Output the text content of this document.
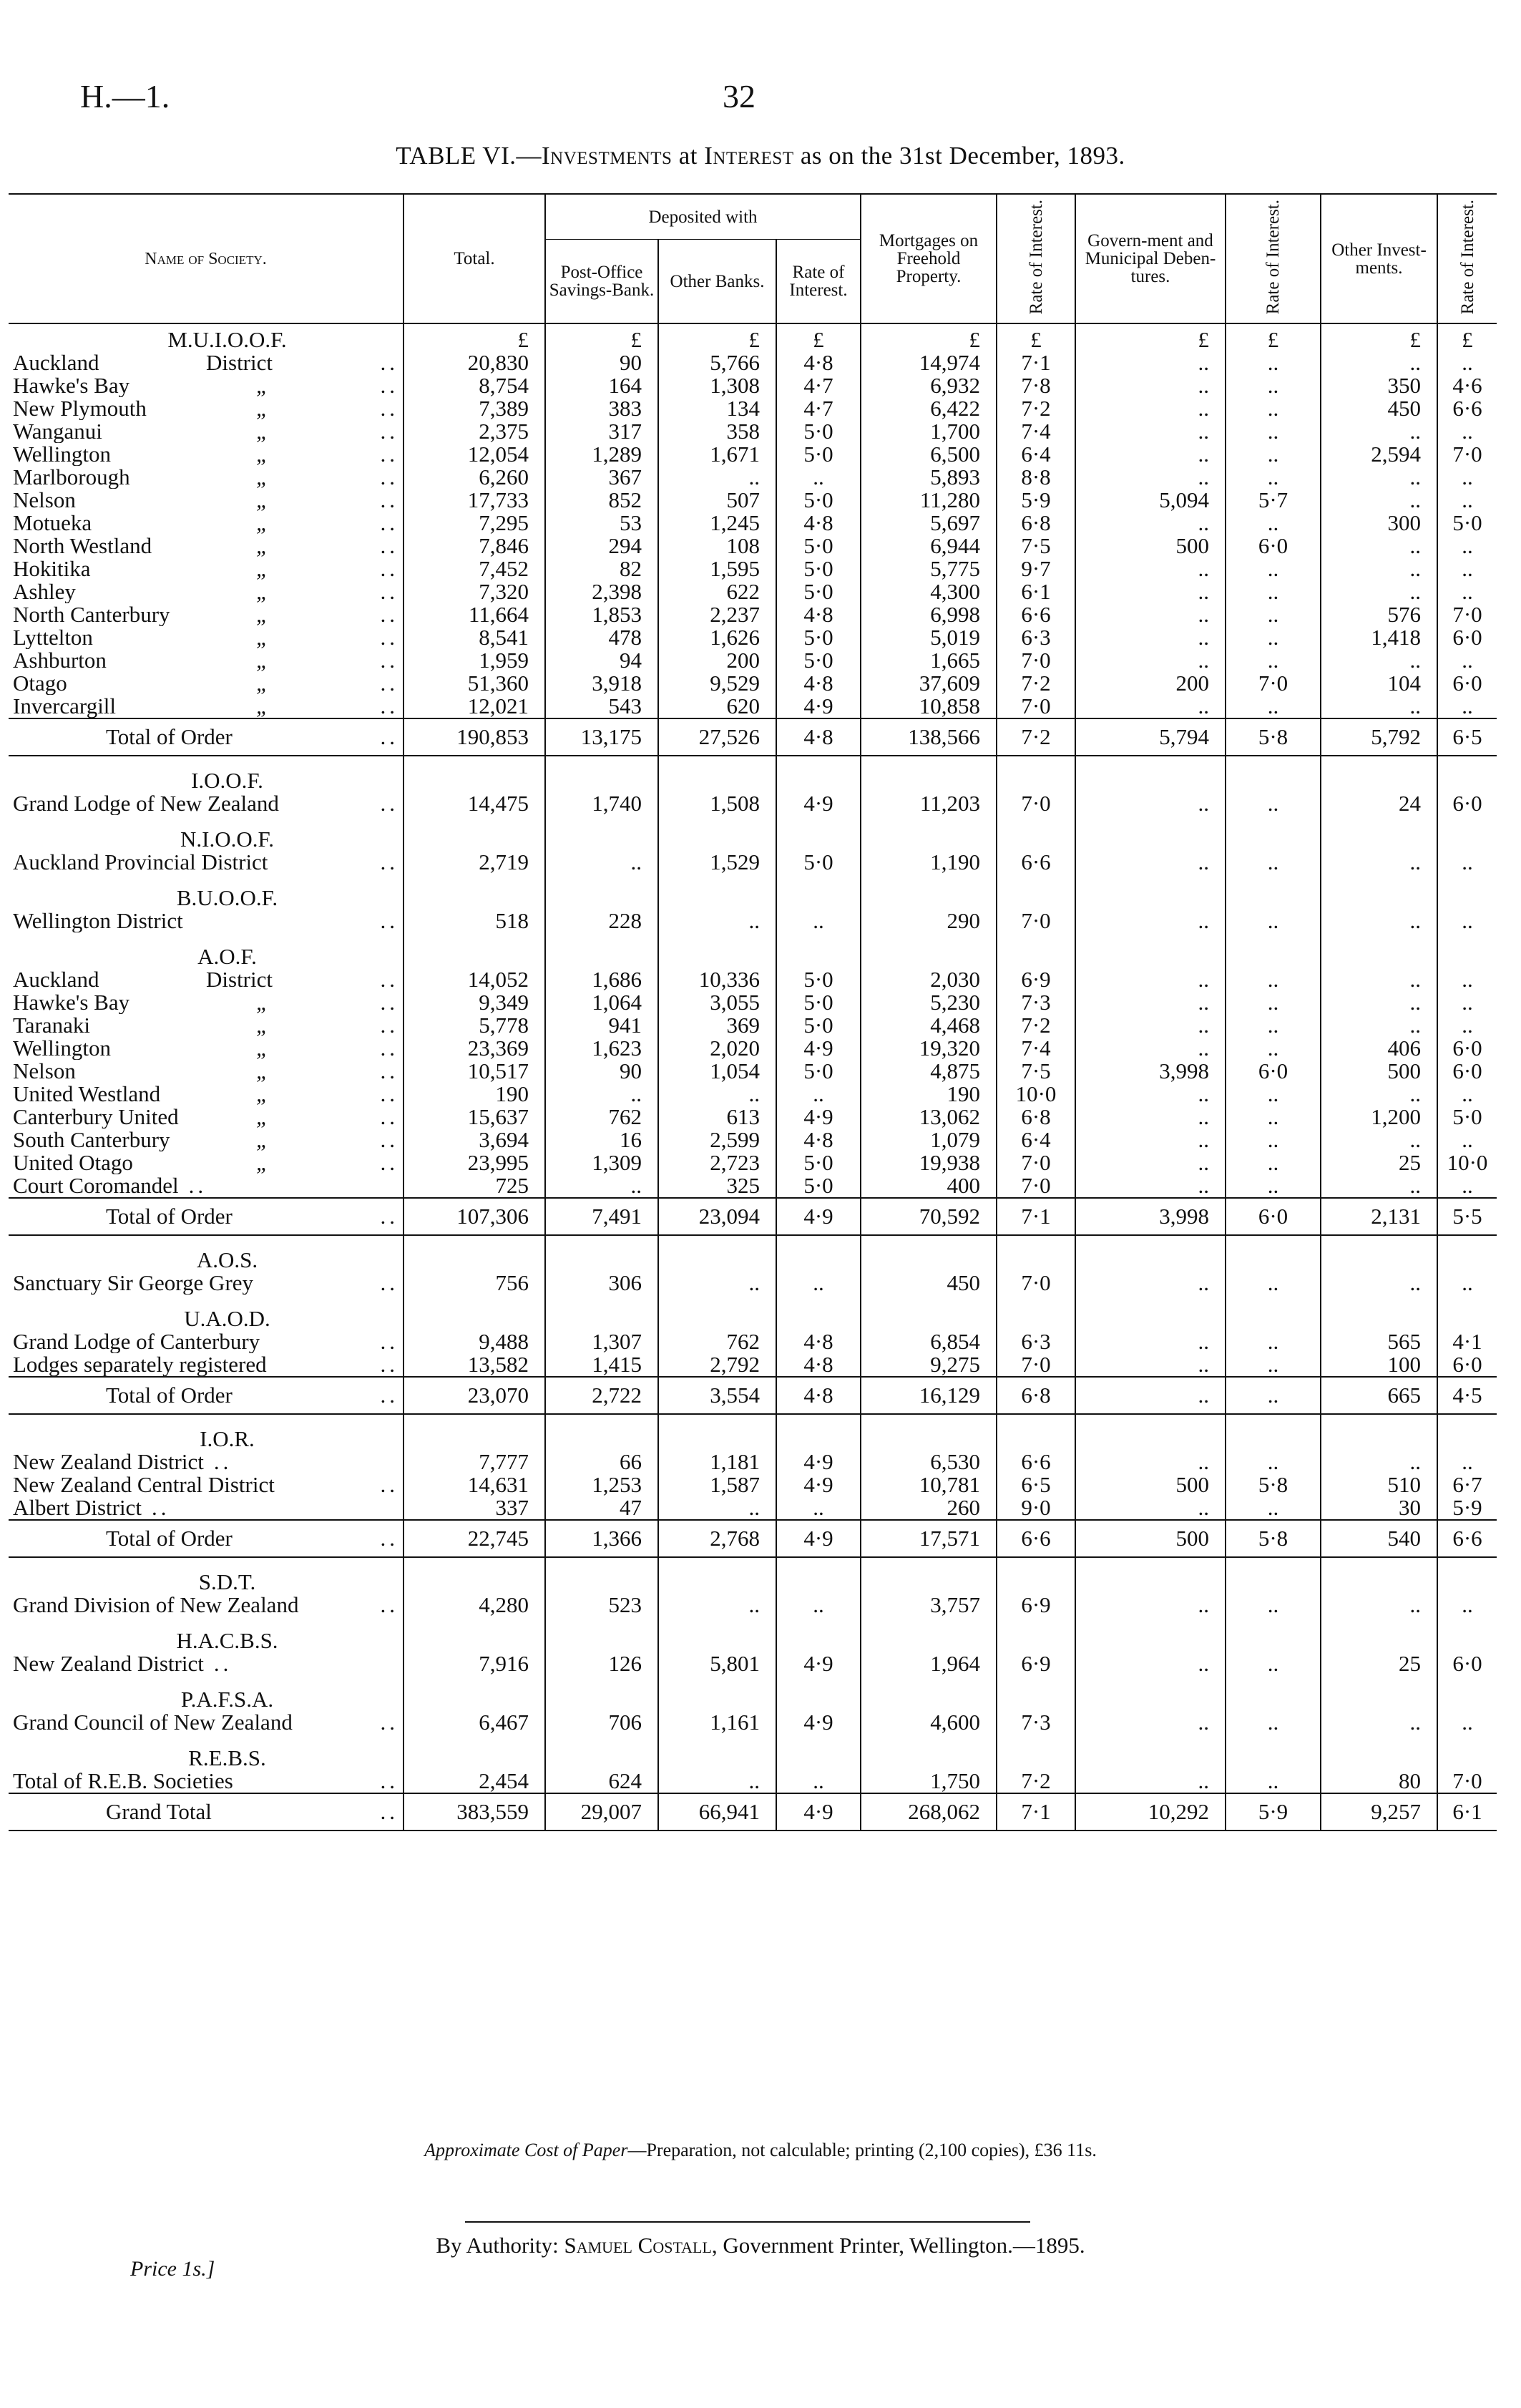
H.—1.	32
TABLE VI.—Investments at Interest as on the 31st December, 1893.
Name of Society.	Total.	Deposited with			Mortgages on Freehold Property.	Rate of Interest.	Govern-ment and Municipal Deben-tures.	Rate of Interest.	Other Invest-ments.	Rate of Interest.
		Post-Office Savings-Bank.	Other Banks.	Rate of Interest.						

M.U.I.O.O.F.	£	£	£	£	£	£	£	£	£	£
Auckland District ..	20,830	90	5,766	4·8	14,974	7·1	..	..	..	..
Hawke's Bay „ ..	8,754	164	1,308	4·7	6,932	7·8	..	..	350	4·6
New Plymouth „ ..	7,389	383	134	4·7	6,422	7·2	..	..	450	6·6
Wanganui „ ..	2,375	317	358	5·0	1,700	7·4	..	..	..	..
Wellington „ ..	12,054	1,289	1,671	5·0	6,500	6·4	..	..	2,594	7·0
Marlborough „ ..	6,260	367	..	..	5,893	8·8	..	..	..	..
Nelson „ ..	17,733	852	507	5·0	11,280	5·9	5,094	5·7	..	..
Motueka „ ..	7,295	53	1,245	4·8	5,697	6·8	..	..	300	5·0
North Westland „ ..	7,846	294	108	5·0	6,944	7·5	500	6·0	..	..
Hokitika „ ..	7,452	82	1,595	5·0	5,775	9·7	..	..	..	..
Ashley „ ..	7,320	2,398	622	5·0	4,300	6·1	..	..	..	..
North Canterbury „ ..	11,664	1,853	2,237	4·8	6,998	6·6	..	..	576	7·0
Lyttelton „ ..	8,541	478	1,626	5·0	5,019	6·3	..	..	1,418	6·0
Ashburton „ ..	1,959	94	200	5·0	1,665	7·0	..	..	..	..
Otago „ ..	51,360	3,918	9,529	4·8	37,609	7·2	200	7·0	104	6·0
Invercargill „ ..	12,021	543	620	4·9	10,858	7·0	..	..	..	..
Total of Order ..	190,853	13,175	27,526	4·8	138,566	7·2	5,794	5·8	5,792	6·5

I.O.O.F.										

Grand Lodge of New Zealand ..	14,475	1,740	1,508	4·9	11,203	7·0	..	..	24	6·0

N.I.O.O.F.										

Auckland Provincial District ..	2,719	..	1,529	5·0	1,190	6·6	..	..	..	..

B.U.O.O.F.										

Wellington District ..	518	228	..	..	290	7·0	..	..	..	..

A.O.F.										

Auckland District ..	14,052	1,686	10,336	5·0	2,030	6·9	..	..	..	..
Hawke's Bay „ ..	9,349	1,064	3,055	5·0	5,230	7·3	..	..	..	..
Taranaki „ ..	5,778	941	369	5·0	4,468	7·2	..	..	..	..
Wellington „ ..	23,369	1,623	2,020	4·9	19,320	7·4	..	..	406	6·0
Nelson „ ..	10,517	90	1,054	5·0	4,875	7·5	3,998	6·0	500	6·0
United Westland „ ..	190	..	..	..	190	10·0	..	..	..	..
Canterbury United „ ..	15,637	762	613	4·9	13,062	6·8	..	..	1,200	5·0
South Canterbury „ ..	3,694	16	2,599	4·8	1,079	6·4	..	..	..	..
United Otago „ ..	23,995	1,309	2,723	5·0	19,938	7·0	..	..	25	10·0
Court Coromandel ..	725	..	325	5·0	400	7·0	..	..	..	..
Total of Order ..	107,306	7,491	23,094	4·9	70,592	7·1	3,998	6·0	2,131	5·5

A.O.S.										

Sanctuary Sir George Grey ..	756	306	..	..	450	7·0	..	..	..	..

U.A.O.D.										

Grand Lodge of Canterbury ..	9,488	1,307	762	4·8	6,854	6·3	..	..	565	4·1
Lodges separately registered ..	13,582	1,415	2,792	4·8	9,275	7·0	..	..	100	6·0
Total of Order ..	23,070	2,722	3,554	4·8	16,129	6·8	..	..	665	4·5

I.O.R.										

New Zealand District ..	7,777	66	1,181	4·9	6,530	6·6	..	..	..	..
New Zealand Central District ..	14,631	1,253	1,587	4·9	10,781	6·5	500	5·8	510	6·7
Albert District ..	337	47	..	..	260	9·0	..	..	30	5·9
Total of Order ..	22,745	1,366	2,768	4·9	17,571	6·6	500	5·8	540	6·6

S.D.T.										

Grand Division of New Zealand ..	4,280	523	..	..	3,757	6·9	..	..	..	..

H.A.C.B.S.										

New Zealand District ..	7,916	126	5,801	4·9	1,964	6·9	..	..	25	6·0

P.A.F.S.A.										

Grand Council of New Zealand ..	6,467	706	1,161	4·9	4,600	7·3	..	..	..	..

R.E.B.S.										

Total of R.E.B. Societies ..	2,454	624	..	..	1,750	7·2	..	..	80	7·0
Grand Total ..	383,559	29,007	66,941	4·9	268,062	7·1	10,292	5·9	9,257	6·1
Approximate Cost of Paper—Preparation, not calculable; printing (2,100 copies), £36 11s.
By Authority: Samuel Costall, Government Printer, Wellington.—1895.
Price 1s.]
